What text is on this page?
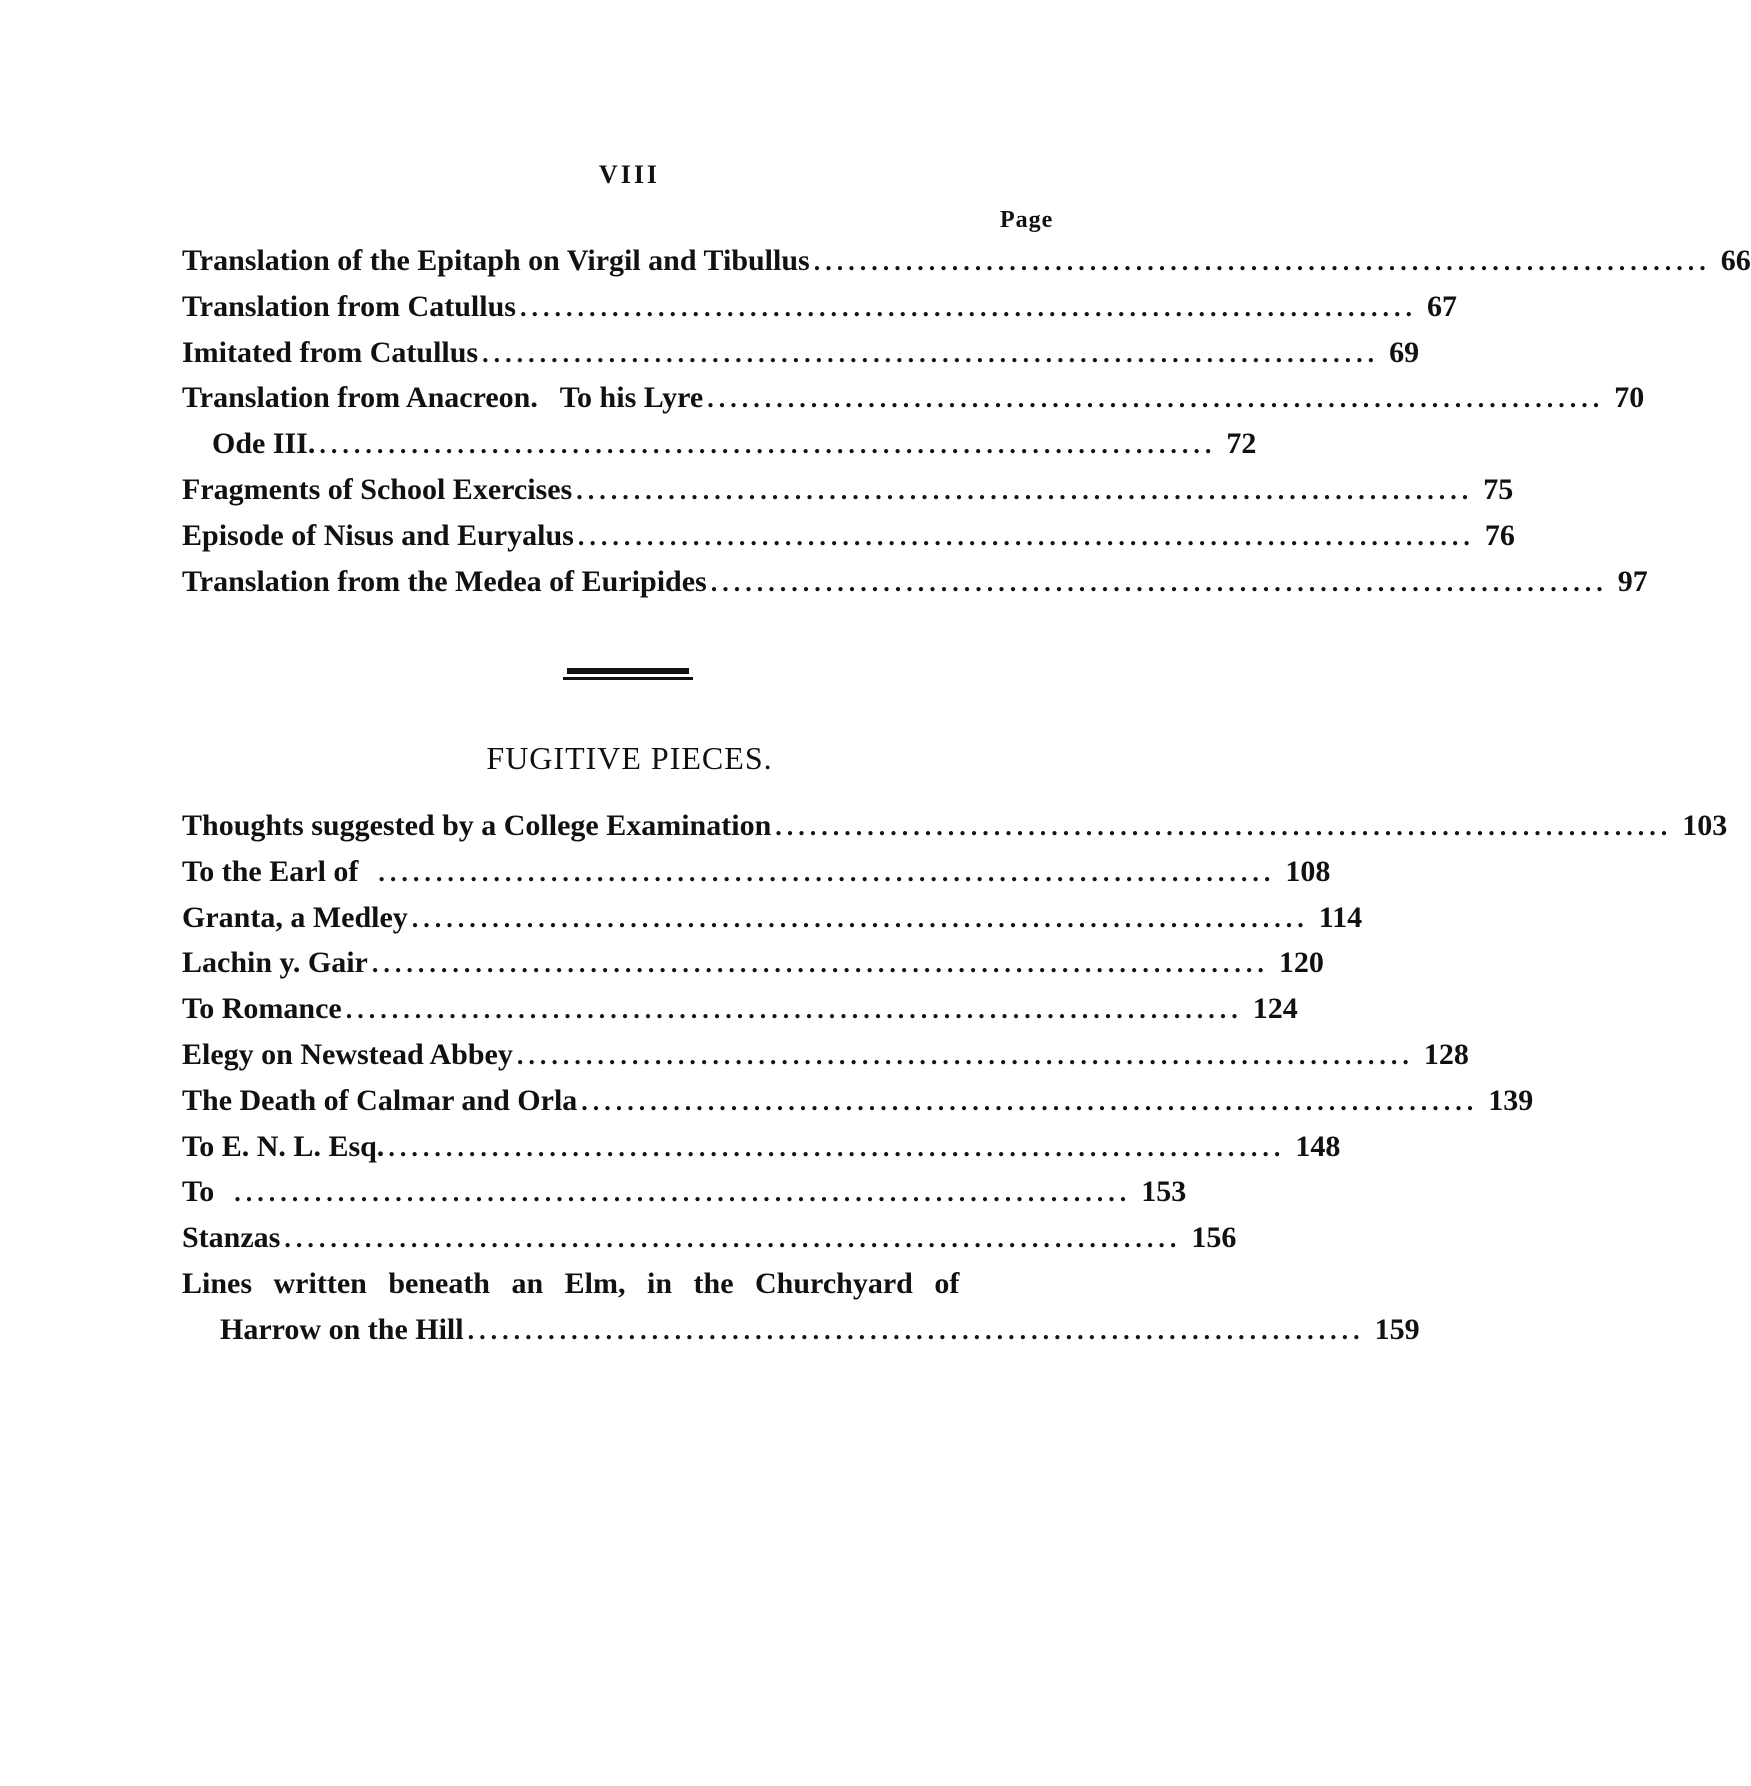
VIII
Page
Translation of the Epitaph on Virgil and Tibullus .............................................................................. 66
Translation from Catullus .............................................................................. 67
Imitated from Catullus .............................................................................. 69
Translation from Anacreon.   To his Lyre .............................................................................. 70
Ode III. .............................................................................. 72
Fragments of School Exercises .............................................................................. 75
Episode of Nisus and Euryalus .............................................................................. 76
Translation from the Medea of Euripides .............................................................................. 97
FUGITIVE PIECES.
Thoughts suggested by a College Examination .............................................................................. 103
To the Earl of .............................................................................. 108
Granta, a Medley .............................................................................. 114
Lachin y. Gair .............................................................................. 120
To Romance .............................................................................. 124
Elegy on Newstead Abbey .............................................................................. 128
The Death of Calmar and Orla .............................................................................. 139
To E. N. L. Esq. .............................................................................. 148
To .............................................................................. 153
Stanzas .............................................................................. 156
Lines written beneath an Elm, in the Churchyard of
Harrow on the Hill .............................................................................. 159
